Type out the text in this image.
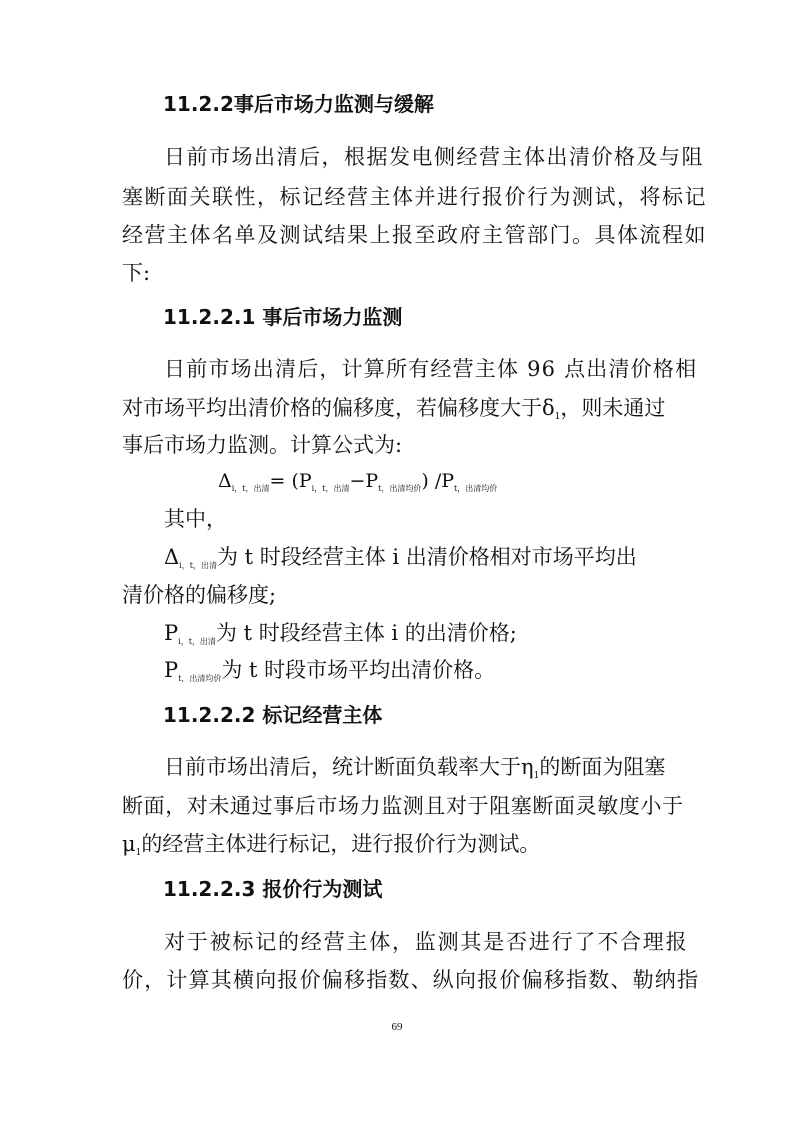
11.2.2事后市场力监测与缓解
日前市场出清后，根据发电侧经营主体出清价格及与阻
塞断面关联性，标记经营主体并进行报价行为测试，将标记
经营主体名单及测试结果上报至政府主管部门。具体流程如
下:
11.2.2.1 事后市场力监测
日前市场出清后，计算所有经营主体 96 点出清价格相
对市场平均出清价格的偏移度，若偏移度大于$\delta_1$，则未通过
事后市场力监测。计算公式为:
$\Delta_{i,t,出清}= (P_{i,t,出清}-P_{t,出清均价})$ $/P_{t,出清均价}$
其中，
Δi，t，出清为 t 时段经营主体 i 出清价格相对市场平均出
清价格的偏移度;
Pi，t，出清为 t 时段经营主体 i 的出清价格;
Pt，出清均价为 t 时段市场平均出清价格。
11.2.2.2 标记经营主体
日前市场出清后，统计断面负载率大于$\eta_1$的断面为阻塞
断面，对未通过事后市场力监测且对于阻塞断面灵敏度小于
$\mu_1$的经营主体进行标记，进行报价行为测试。
11.2.2.3 报价行为测试
对于被标记的经营主体，监测其是否进行了不合理报
价，计算其横向报价偏移指数、纵向报价偏移指数、勒纳指
69
